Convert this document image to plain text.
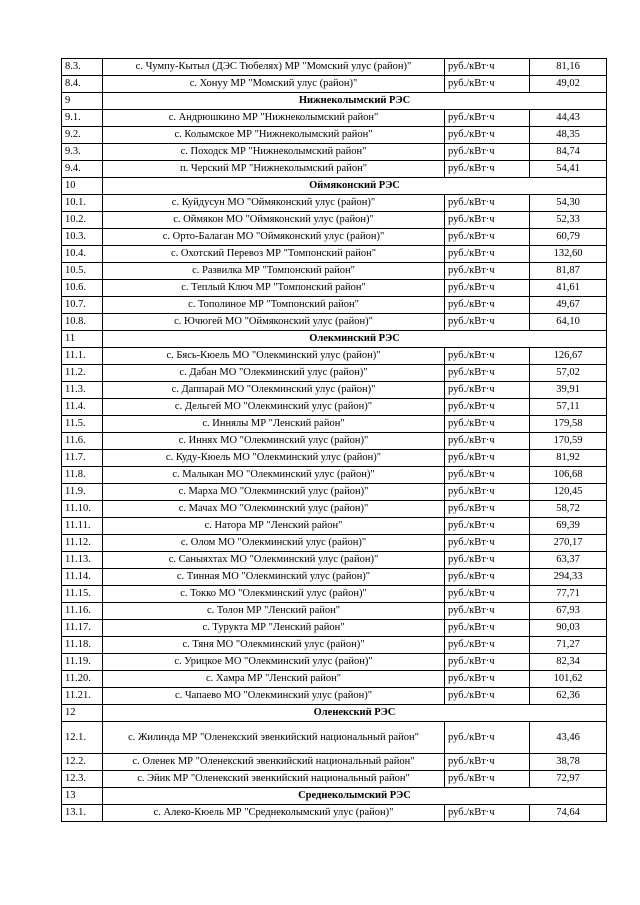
8.3.	с. Чумпу-Кытыл (ДЭС Тюбелях) МР "Момский улус (район)"	руб./кВт·ч	81,16
8.4.	с. Хонуу МР "Момский улус (район)"	руб./кВт·ч	49,02
9	Нижнеколымский РЭС		
9.1.	с. Андрюшкино МР "Нижнеколымский район"	руб./кВт·ч	44,43
9.2.	с. Колымское МР "Нижнеколымский район"	руб./кВт·ч	48,35
9.3.	с. Походск МР "Нижнеколымский район"	руб./кВт·ч	84,74
9.4.	п. Черский МР "Нижнеколымский район"	руб./кВт·ч	54,41
10	Оймяконский РЭС		
10.1.	с. Куйдусун МО "Оймяконский улус (район)"	руб./кВт·ч	54,30
10.2.	с. Оймякон МО "Оймяконский улус (район)"	руб./кВт·ч	52,33
10.3.	с. Орто-Балаган МО "Оймяконский улус (район)"	руб./кВт·ч	60,79
10.4.	с. Охотский Перевоз МР "Томпонский район"	руб./кВт·ч	132,60
10.5.	с. Развилка МР "Томпонский район"	руб./кВт·ч	81,87
10.6.	с. Теплый Ключ МР "Томпонский район"	руб./кВт·ч	41,61
10.7.	с. Тополиное МР "Томпонский район"	руб./кВт·ч	49,67
10.8.	с. Ючюгей МО "Оймяконский улус (район)"	руб./кВт·ч	64,10
11	Олекминский РЭС		
11.1.	с. Бясь-Кюель МО "Олекминский улус (район)"	руб./кВт·ч	126,67
11.2.	с. Дабан МО "Олекминский улус (район)"	руб./кВт·ч	57,02
11.3.	с. Даппарай МО "Олекминский улус (район)"	руб./кВт·ч	39,91
11.4.	с. Дельгей МО "Олекминский улус (район)"	руб./кВт·ч	57,11
11.5.	с. Иннялы МР "Ленский район"	руб./кВт·ч	179,58
11.6.	с. Иннях МО "Олекминский улус (район)"	руб./кВт·ч	170,59
11.7.	с. Куду-Кюель МО "Олекминский улус (район)"	руб./кВт·ч	81,92
11.8.	с. Малыкан МО "Олекминский улус (район)"	руб./кВт·ч	106,68
11.9.	с. Марха МО "Олекминский улус (район)"	руб./кВт·ч	120,45
11.10.	с. Мачах МО "Олекминский улус (район)"	руб./кВт·ч	58,72
11.11.	с. Натора МР "Ленский район"	руб./кВт·ч	69,39
11.12.	с. Олом МО "Олекминский улус (район)"	руб./кВт·ч	270,17
11.13.	с. Саныяхтах МО "Олекминский улус (район)"	руб./кВт·ч	63,37
11.14.	с. Тинная МО "Олекминский улус (район)"	руб./кВт·ч	294,33
11.15.	с. Токко МО "Олекминский улус (район)"	руб./кВт·ч	77,71
11.16.	с. Толон МР "Ленский район"	руб./кВт·ч	67,93
11.17.	с. Турукта МР "Ленский район"	руб./кВт·ч	90,03
11.18.	с. Тяня МО "Олекминский улус (район)"	руб./кВт·ч	71,27
11.19.	с. Урицкое МО "Олекминский улус (район)"	руб./кВт·ч	82,34
11.20.	с. Хамра МР "Ленский район"	руб./кВт·ч	101,62
11.21.	с. Чапаево МО "Олекминский улус (район)"	руб./кВт·ч	62,36
12	Оленекский РЭС		
12.1.	с. Жилинда МР "Оленекский эвенкийский национальный район"	руб./кВт·ч	43,46
12.2.	с. Оленек МР "Оленекский эвенкийский национальный район"	руб./кВт·ч	38,78
12.3.	с. Эйик МР "Оленекский эвенкийский национальный район"	руб./кВт·ч	72,97
13	Среднеколымский РЭС		
13.1.	с. Алеко-Кюель МР "Среднеколымский улус (район)"	руб./кВт·ч	74,64
